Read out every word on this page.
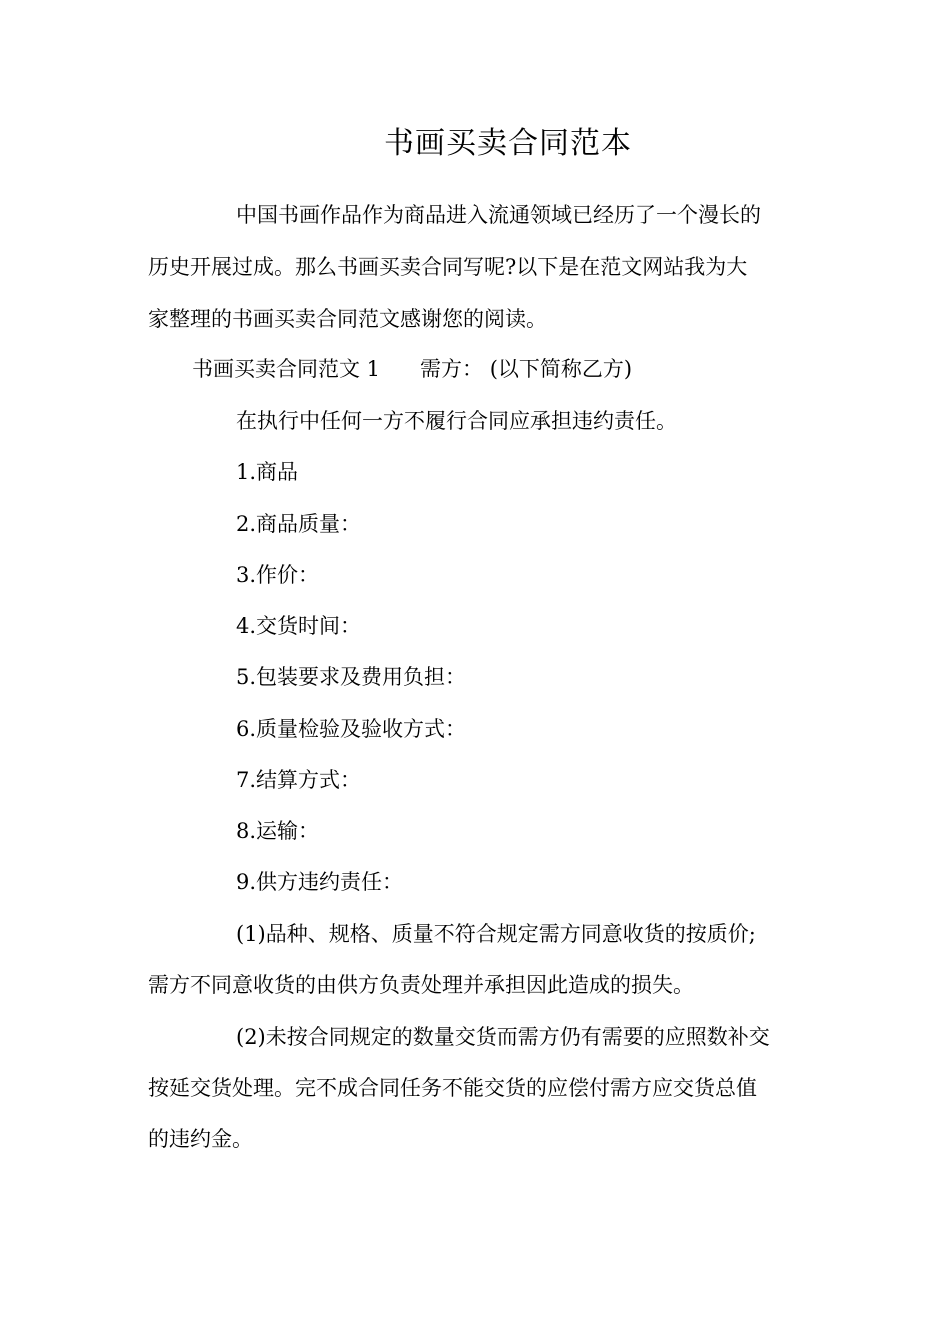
书画买卖合同范本
中国书画作品作为商品进入流通领域已经历了一个漫长的
历史开展过成。那么书画买卖合同写呢?以下是在范文网站我为大
家整理的书画买卖合同范文感谢您的阅读。
书画买卖合同范文 1 需方： (以下简称乙方)
在执行中任何一方不履行合同应承担违约责任。
1.商品
2.商品质量：
3.作价：
4.交货时间：
5.包装要求及费用负担：
6.质量检验及验收方式：
7.结算方式：
8.运输：
9.供方违约责任：
(1)品种、规格、质量不符合规定需方同意收货的按质价;
需方不同意收货的由供方负责处理并承担因此造成的损失。
(2)未按合同规定的数量交货而需方仍有需要的应照数补交
按延交货处理。完不成合同任务不能交货的应偿付需方应交货总值
的违约金。
